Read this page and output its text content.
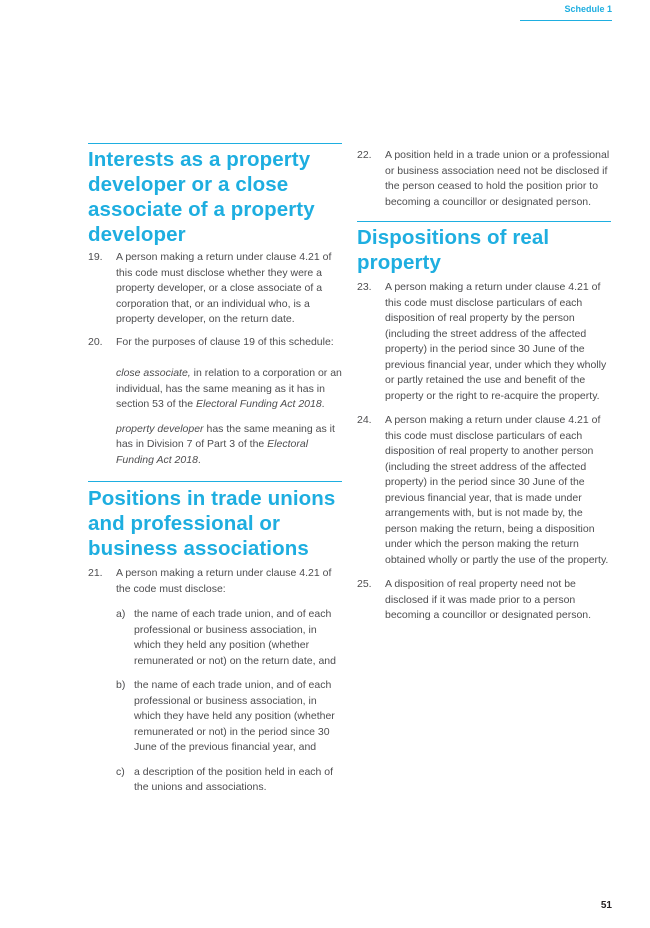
Schedule 1
Interests as a property developer or a close associate of a property developer
19. A person making a return under clause 4.21 of this code must disclose whether they were a property developer, or a close associate of a corporation that, or an individual who, is a property developer, on the return date.
20. For the purposes of clause 19 of this schedule:
close associate, in relation to a corporation or an individual, has the same meaning as it has in section 53 of the Electoral Funding Act 2018.
property developer has the same meaning as it has in Division 7 of Part 3 of the Electoral Funding Act 2018.
Positions in trade unions and professional or business associations
21. A person making a return under clause 4.21 of the code must disclose:
a) the name of each trade union, and of each professional or business association, in which they held any position (whether remunerated or not) on the return date, and
b) the name of each trade union, and of each professional or business association, in which they have held any position (whether remunerated or not) in the period since 30 June of the previous financial year, and
c) a description of the position held in each of the unions and associations.
22. A position held in a trade union or a professional or business association need not be disclosed if the person ceased to hold the position prior to becoming a councillor or designated person.
Dispositions of real property
23. A person making a return under clause 4.21 of this code must disclose particulars of each disposition of real property by the person (including the street address of the affected property) in the period since 30 June of the previous financial year, under which they wholly or partly retained the use and benefit of the property or the right to re-acquire the property.
24. A person making a return under clause 4.21 of this code must disclose particulars of each disposition of real property to another person (including the street address of the affected property) in the period since 30 June of the previous financial year, that is made under arrangements with, but is not made by, the person making the return, being a disposition under which the person making the return obtained wholly or partly the use of the property.
25. A disposition of real property need not be disclosed if it was made prior to a person becoming a councillor or designated person.
51
